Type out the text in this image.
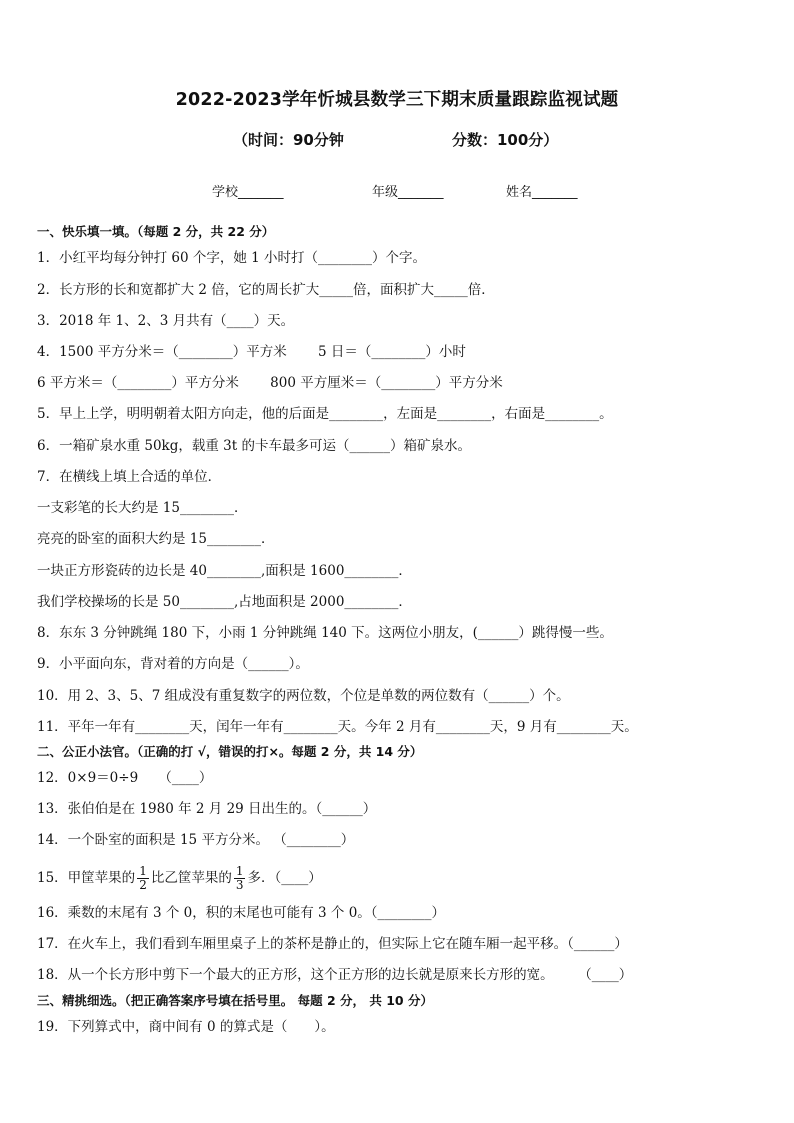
2022-2023学年忻城县数学三下期末质量跟踪监视试题
（时间：90分钟	分数：100分）
学校_______	年级_______	姓名_______
一、快乐填一填。（每题 2 分，共 22 分）
1．小红平均每分钟打 60 个字，她 1 小时打（________）个字。
2．长方形的长和宽都扩大 2 倍，它的周长扩大_____倍，面积扩大_____倍．
3．2018 年 1、2、3 月共有（____）天。
4．1500 平方分米＝（________）平方米 　　5 日＝（________）小时
6 平方米＝（________）平方分米　　 800 平方厘米＝（________）平方分米
5．早上上学，明明朝着太阳方向走，他的后面是________，左面是________，右面是________。
6．一箱矿泉水重 50kg，载重 3t 的卡车最多可运（______）箱矿泉水。
7．在横线上填上合适的单位．
一支彩笔的长大约是 15________．
亮亮的卧室的面积大约是 15________．
一块正方形瓷砖的边长是 40________,面积是 1600________．
我们学校操场的长是 50________,占地面积是 2000________．
8．东东 3 分钟跳绳 180 下，小雨 1 分钟跳绳 140 下。这两位小朋友，(______）跳得慢一些。
9．小平面向东，背对着的方向是（______）。
10．用 2、3、5、7 组成没有重复数字的两位数，个位是单数的两位数有（______）个。
11．平年一年有________天，闰年一年有________天。今年 2 月有________天，9 月有________天。
二、公正小法官。（正确的打 √，错误的打×。每题 2 分，共 14 分）
12．0×9＝0÷9　　（____）
13．张伯伯是在 1980 年 2 月 29 日出生的。（______）
14．一个卧室的面积是 15 平方分米。 （________）
15．甲筐苹果的 $\frac{1}{2}$ 比乙筐苹果的 $\frac{1}{3}$ 多．（____）
16．乘数的末尾有 3 个 0，积的末尾也可能有 3 个 0。（________）
17．在火车上，我们看到车厢里桌子上的茶杯是静止的，但实际上它在随车厢一起平移。（______）
18．从一个长方形中剪下一个最大的正方形，这个正方形的边长就是原来长方形的宽。 　　（____）
三、精挑细选。（把正确答案序号填在括号里。 每题 2 分， 共 10 分）
19．下列算式中，商中间有 0 的算式是（　　）。
